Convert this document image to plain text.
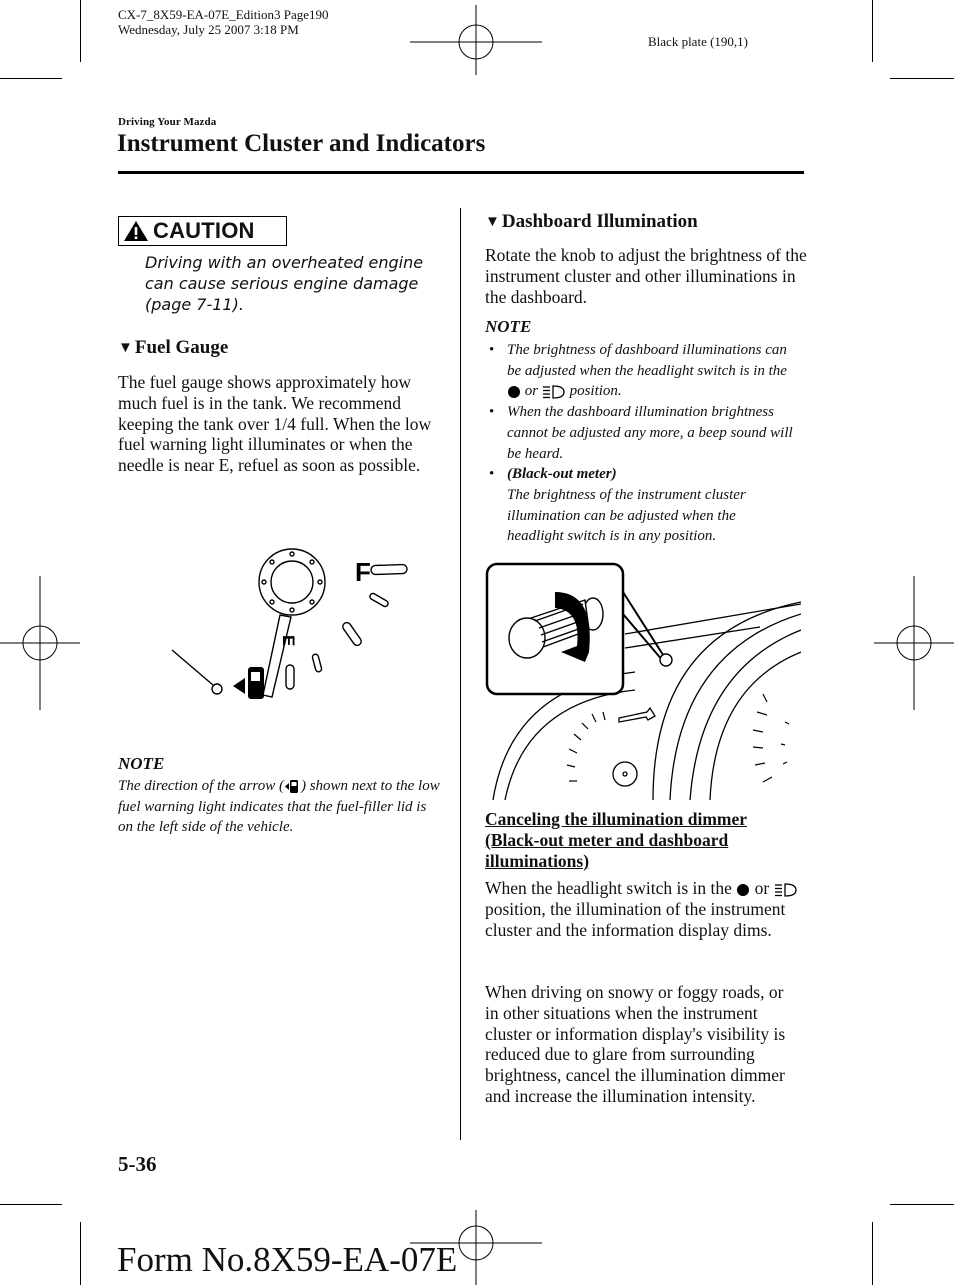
CX-7_8X59-EA-07E_Edition3 Page190
Wednesday, July 25 2007 3:18 PM
Black plate (190,1)
Driving Your Mazda
Instrument Cluster and Indicators
CAUTION
Driving with an overheated engine can cause serious engine damage (page 7-11).
▼ Fuel Gauge
The fuel gauge shows approximately how much fuel is in the tank. We recommend keeping the tank over 1/4 full. When the low fuel warning light illuminates or when the needle is near E, refuel as soon as possible.
F
E
NOTE
The direction of the arrow ( ) shown next to the low fuel warning light indicates that the fuel-filler lid is on the left side of the vehicle.
▼ Dashboard Illumination
Rotate the knob to adjust the brightness of the instrument cluster and other illuminations in the dashboard.
NOTE
• The brightness of dashboard illuminations can be adjusted when the headlight switch is in the  or position.
• When the dashboard illumination brightness cannot be adjusted any more, a beep sound will be heard.
• (Black-out meter)
The brightness of the instrument cluster illumination can be adjusted when the headlight switch is in any position.
Canceling the illumination dimmer (Black-out meter and dashboard illuminations)
When the headlight switch is in the or  position, the illumination of the instrument cluster and the information display dims.
When driving on snowy or foggy roads, or in other situations when the instrument cluster or information display's visibility is reduced due to glare from surrounding brightness, cancel the illumination dimmer and increase the illumination intensity.
5-36
Form No.8X59-EA-07E
